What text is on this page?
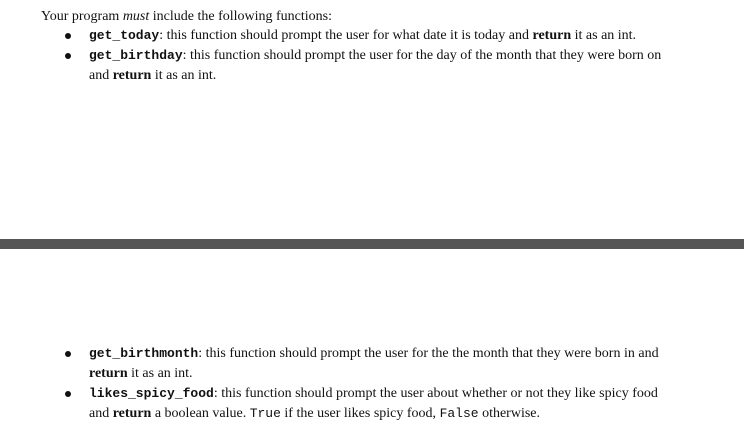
Your program must include the following functions:

get_today: this function should prompt the user for what date it is today and return it as an int.
get_birthday: this function should prompt the user for the day of the month that they were born on and return it as an int.
get_birthmonth: this function should prompt the user for the the month that they were born in and return it as an int.
likes_spicy_food: this function should prompt the user about whether or not they like spicy food and return a boolean value. True if the user likes spicy food, False otherwise.
